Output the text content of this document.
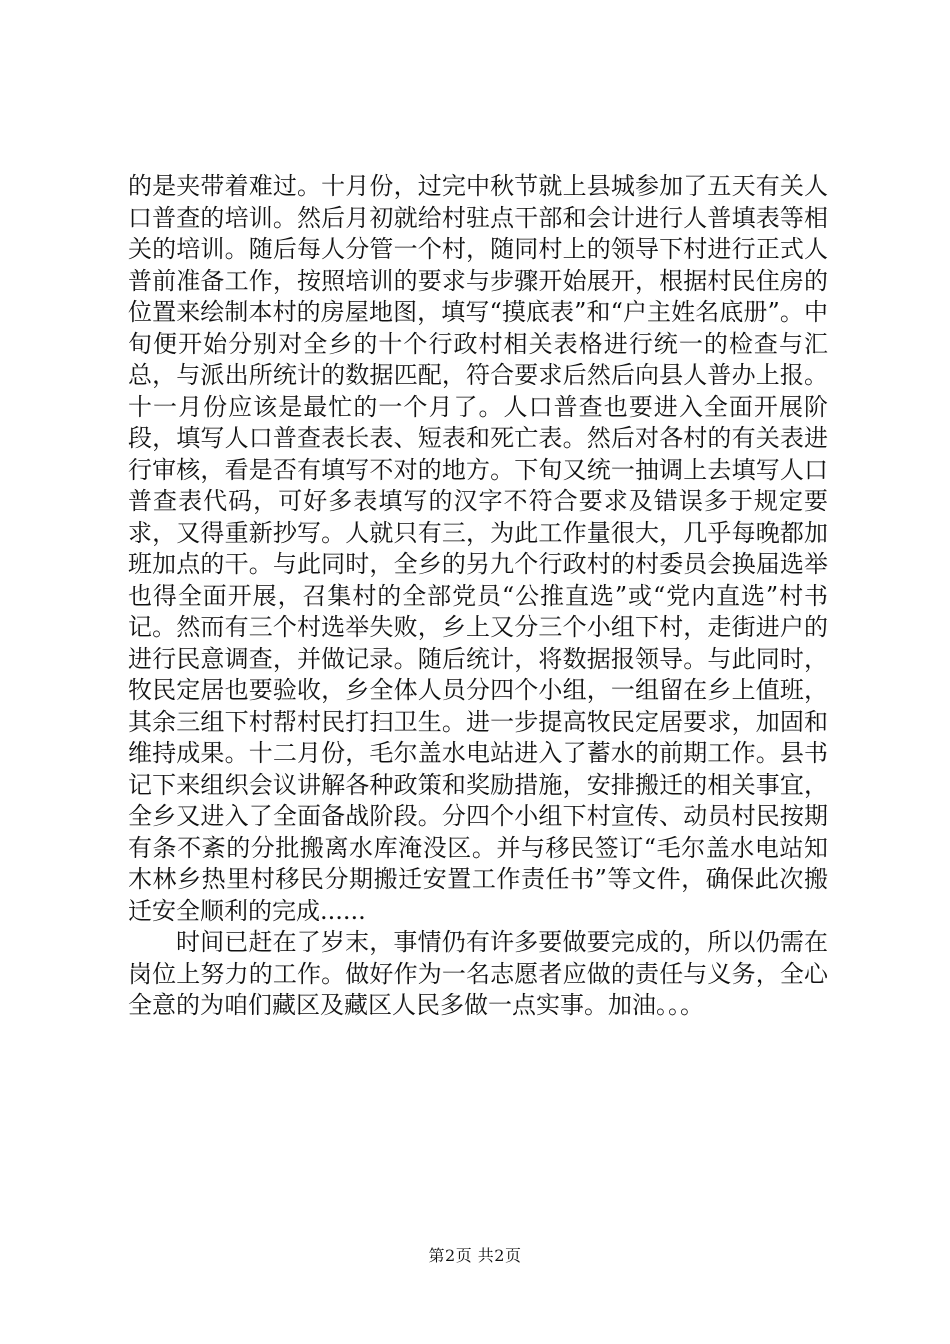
的是夹带着难过。十月份，过完中秋节就上县城参加了五天有关人口普查的培训。然后月初就给村驻点干部和会计进行人普填表等相关的培训。随后每人分管一个村，随同村上的领导下村进行正式人普前准备工作，按照培训的要求与步骤开始展开，根据村民住房的位置来绘制本村的房屋地图，填写“摸底表”和“户主姓名底册”。中旬便开始分别对全乡的十个行政村相关表格进行统一的检查与汇总，与派出所统计的数据匹配，符合要求后然后向县人普办上报。十一月份应该是最忙的一个月了。人口普查也要进入全面开展阶段，填写人口普查表长表、短表和死亡表。然后对各村的有关表进行审核，看是否有填写不对的地方。下旬又统一抽调上去填写人口普查表代码，可好多表填写的汉字不符合要求及错误多于规定要求，又得重新抄写。人就只有三，为此工作量很大，几乎每晚都加班加点的干。与此同时，全乡的另九个行政村的村委员会换届选举也得全面开展，召集村的全部党员“公推直选”或“党内直选”村书记。然而有三个村选举失败，乡上又分三个小组下村，走街进户的进行民意调查，并做记录。随后统计，将数据报领导。与此同时，牧民定居也要验收，乡全体人员分四个小组，一组留在乡上值班，其余三组下村帮村民打扫卫生。进一步提高牧民定居要求，加固和维持成果。十二月份，毛尔盖水电站进入了蓄水的前期工作。县书记下来组织会议讲解各种政策和奖励措施，安排搬迁的相关事宜，全乡又进入了全面备战阶段。分四个小组下村宣传、动员村民按期有条不紊的分批搬离水库淹没区。并与移民签订“毛尔盖水电站知木林乡热里村移民分期搬迁安置工作责任书”等文件，确保此次搬迁安全顺利的完成......

时间已赶在了岁末，事情仍有许多要做要完成的，所以仍需在岗位上努力的工作。做好作为一名志愿者应做的责任与义务，全心全意的为咱们藏区及藏区人民多做一点实事。加油。。。

第2页 共2页
